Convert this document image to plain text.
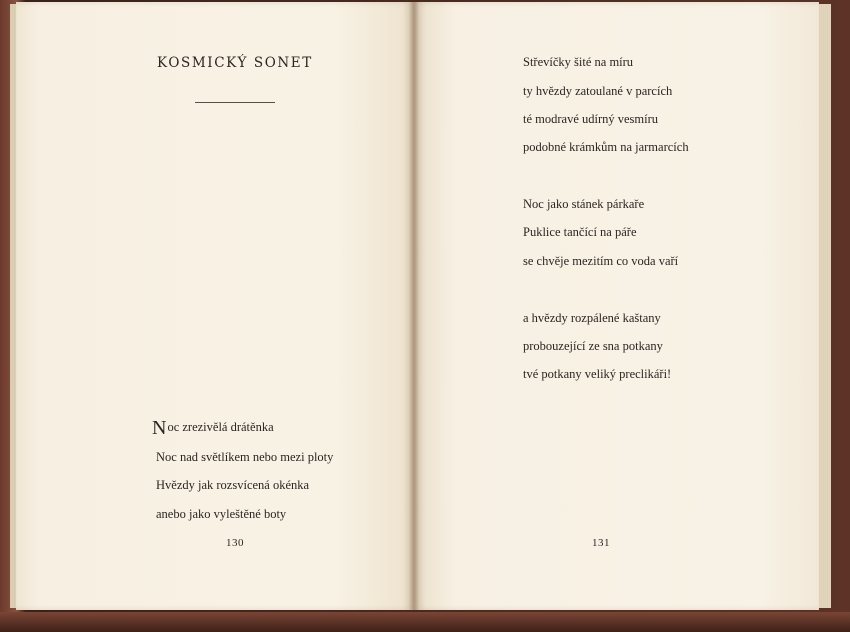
KOSMICKÝ SONET
Noc zrezivělá drátěnka
Noc nad světlíkem nebo mezi ploty
Hvězdy jak rozsvícená okénka
anebo jako vyleštěné boty
130
Střevíčky šité na míru
ty hvězdy zatoulané v parcích
té modravé udírný vesmíru
podobné krámkům na jarmarcích
Noc jako stánek párkaře
Puklice tančící na páře
se chvěje mezitím co voda vaří
a hvězdy rozpálené kaštany
probouzející ze sna potkany
tvé potkany veliký preclikáři!
131
